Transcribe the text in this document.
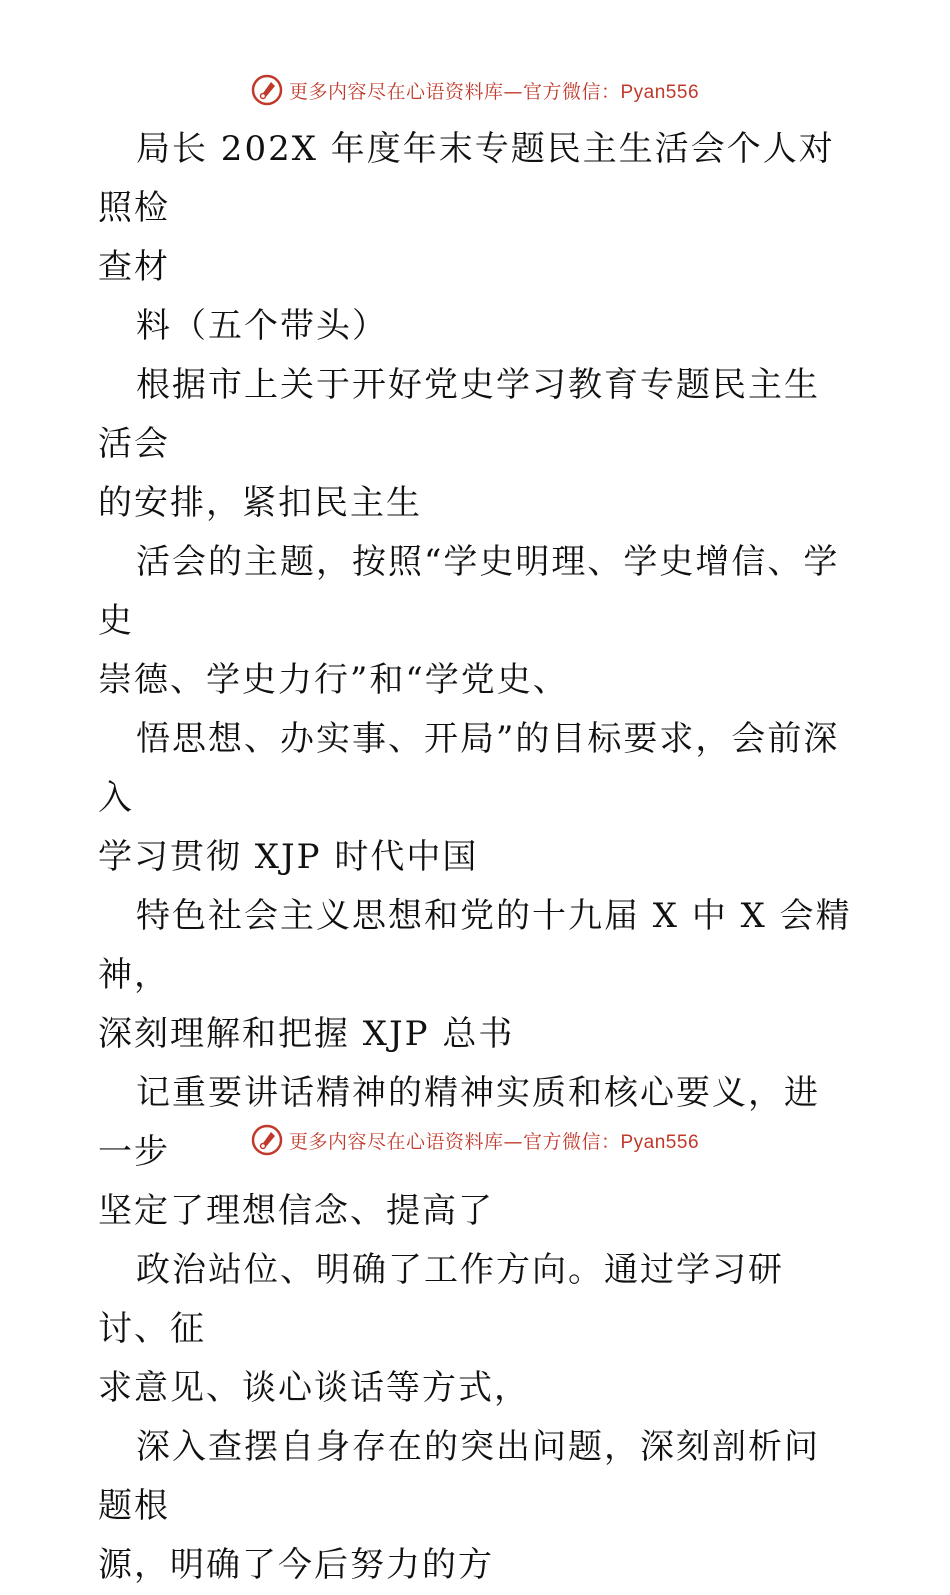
更多内容尽在心语资料库—官方微信：Pyan556

局长 202X 年度年末专题民主生活会个人对照检
查材

料（五个带头）

根据市上关于开好党史学习教育专题民主生活会
的安排，紧扣民主生

活会的主题，按照“学史明理、学史增信、学史
崇德、学史力行”和“学党史、

悟思想、办实事、开局”的目标要求，会前深入
学习贯彻 XJP 时代中国

特色社会主义思想和党的十九届 X 中 X 会精神，
深刻理解和把握 XJP 总书

记重要讲话精神的精神实质和核心要义，进一步
坚定了理想信念、提高了

政治站位、明确了工作方向。通过学习研讨、征
求意见、谈心谈话等方式，

深入查摆自身存在的突出问题，深刻剖析问题根
源，明确了今后努力的方

更多内容尽在心语资料库—官方微信：Pyan556
